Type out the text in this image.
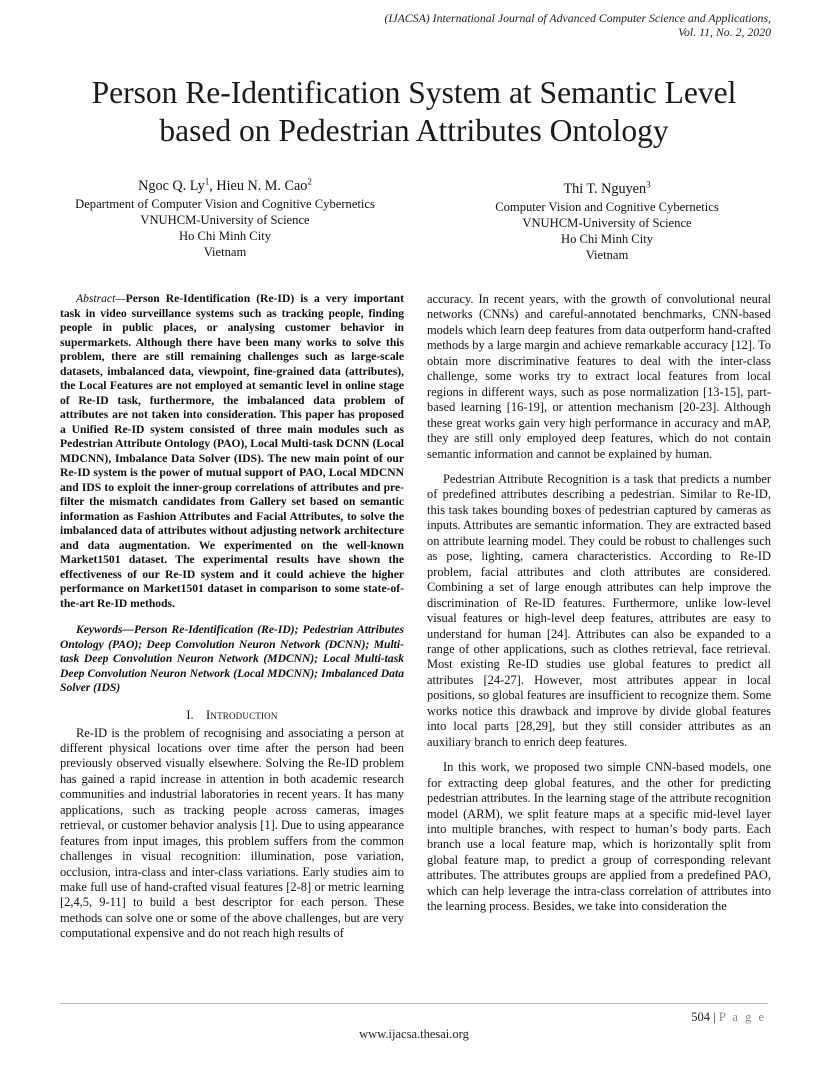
(IJACSA) International Journal of Advanced Computer Science and Applications,
Vol. 11, No. 2, 2020
Person Re-Identification System at Semantic Level
based on Pedestrian Attributes Ontology
Ngoc Q. Ly$^1$, Hieu N. M. Cao$^2$
Department of Computer Vision and Cognitive Cybernetics
VNUHCM-University of Science
Ho Chi Minh City
Vietnam
Thi T. Nguyen$^3$
Computer Vision and Cognitive Cybernetics
VNUHCM-University of Science
Ho Chi Minh City
Vietnam

Abstract—Person Re-Identification (Re-ID) is a very important task in video surveillance systems such as tracking people, finding people in public places, or analysing customer behavior in supermarkets. Although there have been many works to solve this problem, there are still remaining challenges such as large-scale datasets, imbalanced data, viewpoint, fine-grained data (attributes), the Local Features are not employed at semantic level in online stage of Re-ID task, furthermore, the imbalanced data problem of attributes are not taken into consideration. This paper has proposed a Unified Re-ID system consisted of three main modules such as Pedestrian Attribute Ontology (PAO), Local Multi-task DCNN (Local MDCNN), Imbalance Data Solver (IDS). The new main point of our Re-ID system is the power of mutual support of PAO, Local MDCNN and IDS to exploit the inner-group correlations of attributes and pre-filter the mismatch candidates from Gallery set based on semantic information as Fashion Attributes and Facial Attributes, to solve the imbalanced data of attributes without adjusting network architecture and data augmentation. We experimented on the well-known Market1501 dataset. The experimental results have shown the effectiveness of our Re-ID system and it could achieve the higher performance on Market1501 dataset in comparison to some state-of-the-art Re-ID methods.

Keywords—Person Re-Identification (Re-ID); Pedestrian Attributes Ontology (PAO); Deep Convolution Neuron Network (DCNN); Multi-task Deep Convolution Neuron Network (MDCNN); Local Multi-task Deep Convolution Neuron Network (Local MDCNN); Imbalanced Data Solver (IDS)

I. Introduction

Re-ID is the problem of recognising and associating a person at different physical locations over time after the person had been previously observed visually elsewhere. Solving the Re-ID problem has gained a rapid increase in attention in both academic research communities and industrial laboratories in recent years. It has many applications, such as tracking people across cameras, images retrieval, or customer behavior analysis [1]. Due to using appearance features from input images, this problem suffers from the common challenges in visual recognition: illumination, pose variation, occlusion, intra-class and inter-class variations. Early studies aim to make full use of hand-crafted visual features [2-8] or metric learning [2,4,5, 9-11] to build a best descriptor for each person. These methods can solve one or some of the above challenges, but are very computational expensive and do not reach high results of

accuracy. In recent years, with the growth of convolutional neural networks (CNNs) and careful-annotated benchmarks, CNN-based models which learn deep features from data outperform hand-crafted methods by a large margin and achieve remarkable accuracy [12]. To obtain more discriminative features to deal with the inter-class challenge, some works try to extract local features from local regions in different ways, such as pose normalization [13-15], part-based learning [16-19], or attention mechanism [20-23]. Although these great works gain very high performance in accuracy and mAP, they are still only employed deep features, which do not contain semantic information and cannot be explained by human.

Pedestrian Attribute Recognition is a task that predicts a number of predefined attributes describing a pedestrian. Similar to Re-ID, this task takes bounding boxes of pedestrian captured by cameras as inputs. Attributes are semantic information. They are extracted based on attribute learning model. They could be robust to challenges such as pose, lighting, camera characteristics. According to Re-ID problem, facial attributes and cloth attributes are considered. Combining a set of large enough attributes can help improve the discrimination of Re-ID features. Furthermore, unlike low-level visual features or high-level deep features, attributes are easy to understand for human [24]. Attributes can also be expanded to a range of other applications, such as clothes retrieval, face retrieval. Most existing Re-ID studies use global features to predict all attributes [24-27]. However, most attributes appear in local positions, so global features are insufficient to recognize them. Some works notice this drawback and improve by divide global features into local parts [28,29], but they still consider attributes as an auxiliary branch to enrich deep features.

In this work, we proposed two simple CNN-based models, one for extracting deep global features, and the other for predicting pedestrian attributes. In the learning stage of the attribute recognition model (ARM), we split feature maps at a specific mid-level layer into multiple branches, with respect to human’s body parts. Each branch use a local feature map, which is horizontally split from global feature map, to predict a group of corresponding relevant attributes. The attributes groups are applied from a predefined PAO, which can help leverage the intra-class correlation of attributes into the learning process. Besides, we take into consideration the

504 | P a g e
www.ijacsa.thesai.org
